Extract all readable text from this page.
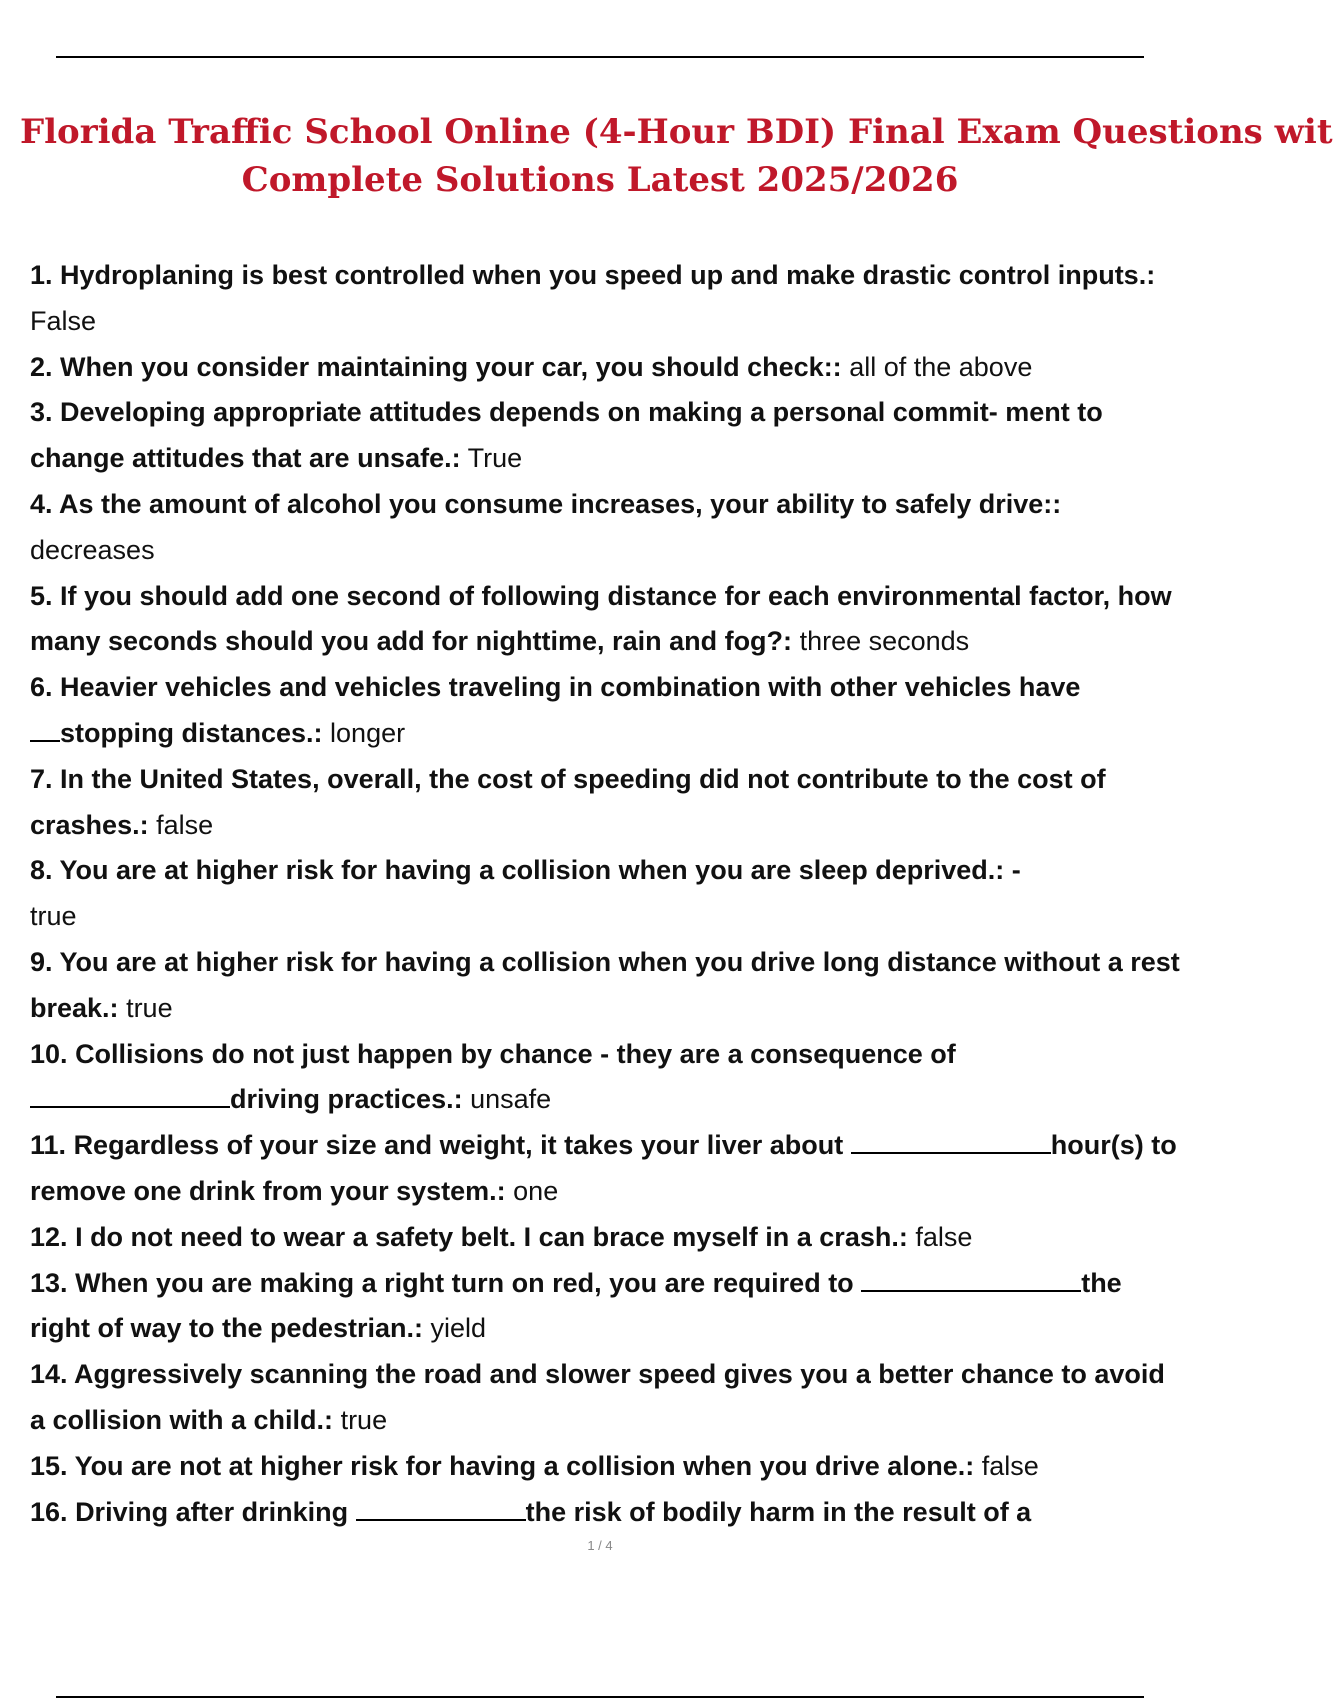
Florida Traffic School Online (4-Hour BDI) Final Exam Questions wit
Complete Solutions Latest 2025/2026

1. Hydroplaning is best controlled when you speed up and make drastic control inputs.: False

2. When you consider maintaining your car, you should check:: all of the above

3. Developing appropriate attitudes depends on making a personal commit- ment to change attitudes that are unsafe.: True

4. As the amount of alcohol you consume increases, your ability to safely drive::
decreases

5. If you should add one second of following distance for each environmental factor, how many seconds should you add for nighttime, rain and fog?: three seconds

6. Heavier vehicles and vehicles traveling in combination with other vehicles have
stopping distances.: longer

7. In the United States, overall, the cost of speeding did not contribute to the cost of crashes.: false

8. You are at higher risk for having a collision when you are sleep deprived.: -
true

9. You are at higher risk for having a collision when you drive long distance without a rest break.: true

10. Collisions do not just happen by chance - they are a consequence of
driving practices.: unsafe

11. Regardless of your size and weight, it takes your liver about	hour(s) to remove one drink from your system.: one

12. I do not need to wear a safety belt. I can brace myself in a crash.: false

13. When you are making a right turn on red, you are required to	the right of way to the pedestrian.: yield

14. Aggressively scanning the road and slower speed gives you a better chance to avoid a collision with a child.: true

15. You are not at higher risk for having a collision when you drive alone.: false

16. Driving after drinking	the risk of bodily harm in the result of a

1 / 4
